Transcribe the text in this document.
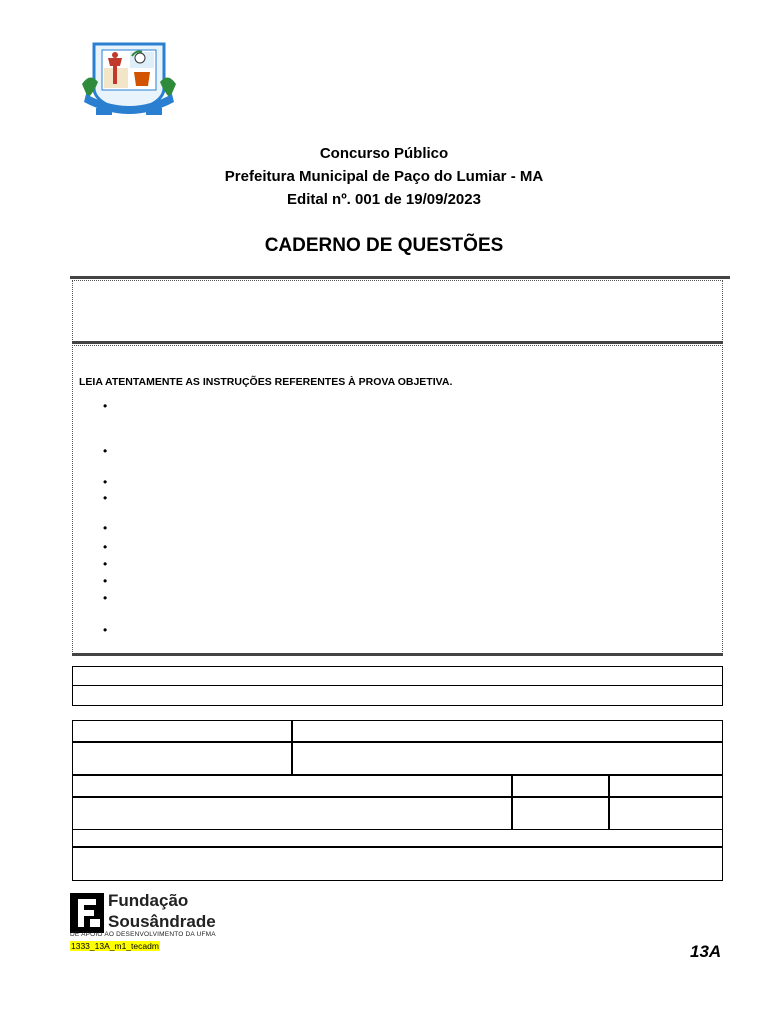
Concurso Público
Prefeitura Municipal de Paço do Lumiar - MA
Edital nº. 001 de 19/09/2023
CADERNO DE QUESTÕES
LEIA ATENTAMENTE AS INSTRUÇÕES REFERENTES À PROVA OBJETIVA.
•
•
•
•
•
•
•
•
•
•
Fundação
Sousândrade
DE APOIO AO DESENVOLVIMENTO DA UFMA
1333_13A_m1_tecadm	13A
